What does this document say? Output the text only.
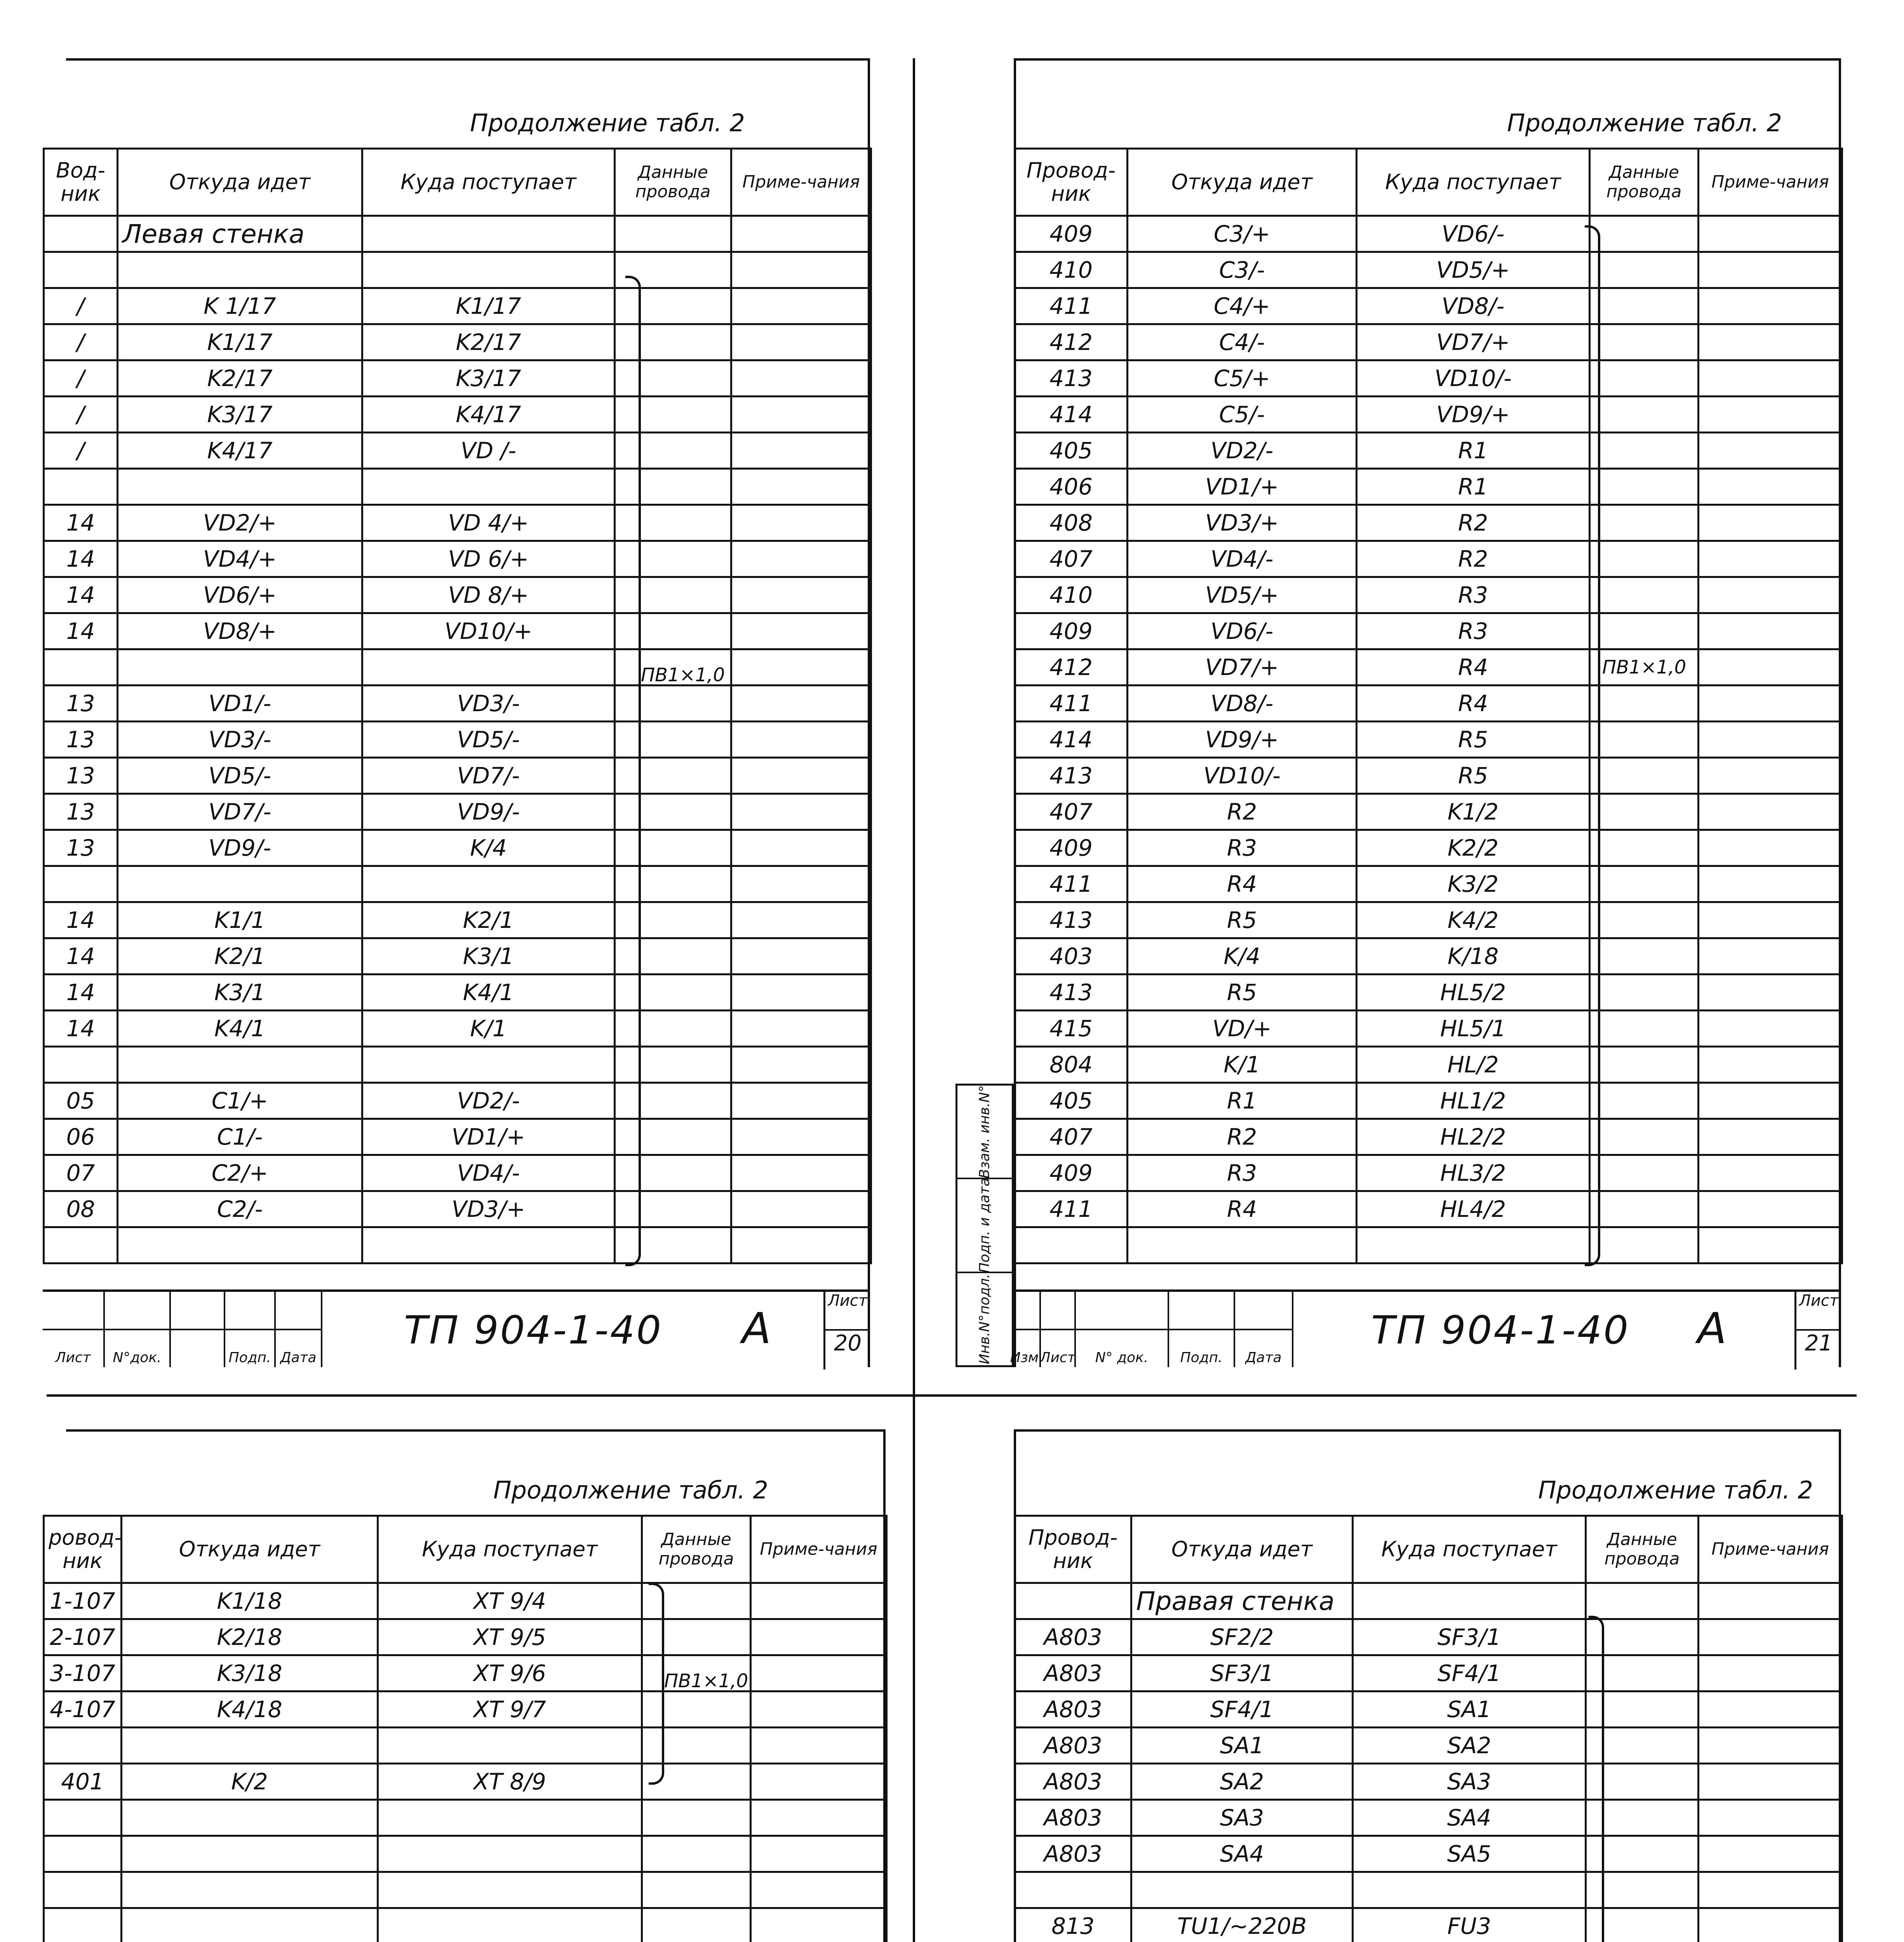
Продолжение табл. 2
Bод-ник	Откуда идет	Куда поступает	Данные провода	Приме-чания
	Левая стенка			

/	K 1/17	K1/17		
/	K1/17	K2/17		
/	K2/17	K3/17		
/	K3/17	K4/17		
/	K4/17	VD /-		

14	VD2/+	VD 4/+		
14	VD4/+	VD 6/+		
14	VD6/+	VD 8/+		
14	VD8/+	VD10/+		

13	VD1/-	VD3/-		
13	VD3/-	VD5/-		
13	VD5/-	VD7/-		
13	VD7/-	VD9/-		
13	VD9/-	K/4		

14	K1/1	K2/1		
14	K2/1	K3/1		
14	K3/1	K4/1		
14	K4/1	K/1		

05	C1/+	VD2/-		
06	C1/-	VD1/+		
07	C2/+	VD4/-		
08	C2/-	VD3/+		

ПВ1×1,0
Лист	N°док.	Подп. Дата
ТП 904-1-40 А
Лист
20
Взам. инв.N°
Подп. и дата
Инв.N°подл.
Продолжение табл. 2
Провод-ник	Откуда идет	Куда поступает	Данные провода	Приме-чания
409	C3/+	VD6/-		
410	C3/-	VD5/+		
411	C4/+	VD8/-		
412	C4/-	VD7/+		
413	C5/+	VD10/-		
414	C5/-	VD9/+		
405	VD2/-	R1		
406	VD1/+	R1		
408	VD3/+	R2		
407	VD4/-	R2		
410	VD5/+	R3		
409	VD6/-	R3		
412	VD7/+	R4		
411	VD8/-	R4		
414	VD9/+	R5		
413	VD10/-	R5		
407	R2	K1/2		
409	R3	K2/2		
411	R4	K3/2		
413	R5	K4/2		
403	K/4	K/18		
413	R5	HL5/2		
415	VD/+	HL5/1		
804	K/1	HL/2		
405	R1	HL1/2		
407	R2	HL2/2		
409	R3	HL3/2		
411	R4	HL4/2		

ПВ1×1,0
Изм.
Лист	N° док.	Подп.	Дата
ТП 904-1-40 А
Лист
21
Продолжение табл. 2
ровод-ник	Откуда идет	Куда поступает	Данные провода	Приме-чания
1-107	K1/18	XT 9/4		
2-107	K2/18	XT 9/5		
3-107	K3/18	XT 9/6		
4-107	K4/18	XT 9/7		

401	K/2	XT 8/9		

ПВ1×1,0
Продолжение табл. 2
Провод-ник	Откуда идет	Куда поступает	Данные провода	Приме-чания
	Правая стенка			
A803	SF2/2	SF3/1		
A803	SF3/1	SF4/1		
A803	SF4/1	SA1		
A803	SA1	SA2		
A803	SA2	SA3		
A803	SA3	SA4		
A803	SA4	SA5		

813	TU1/~220B	FU3		
